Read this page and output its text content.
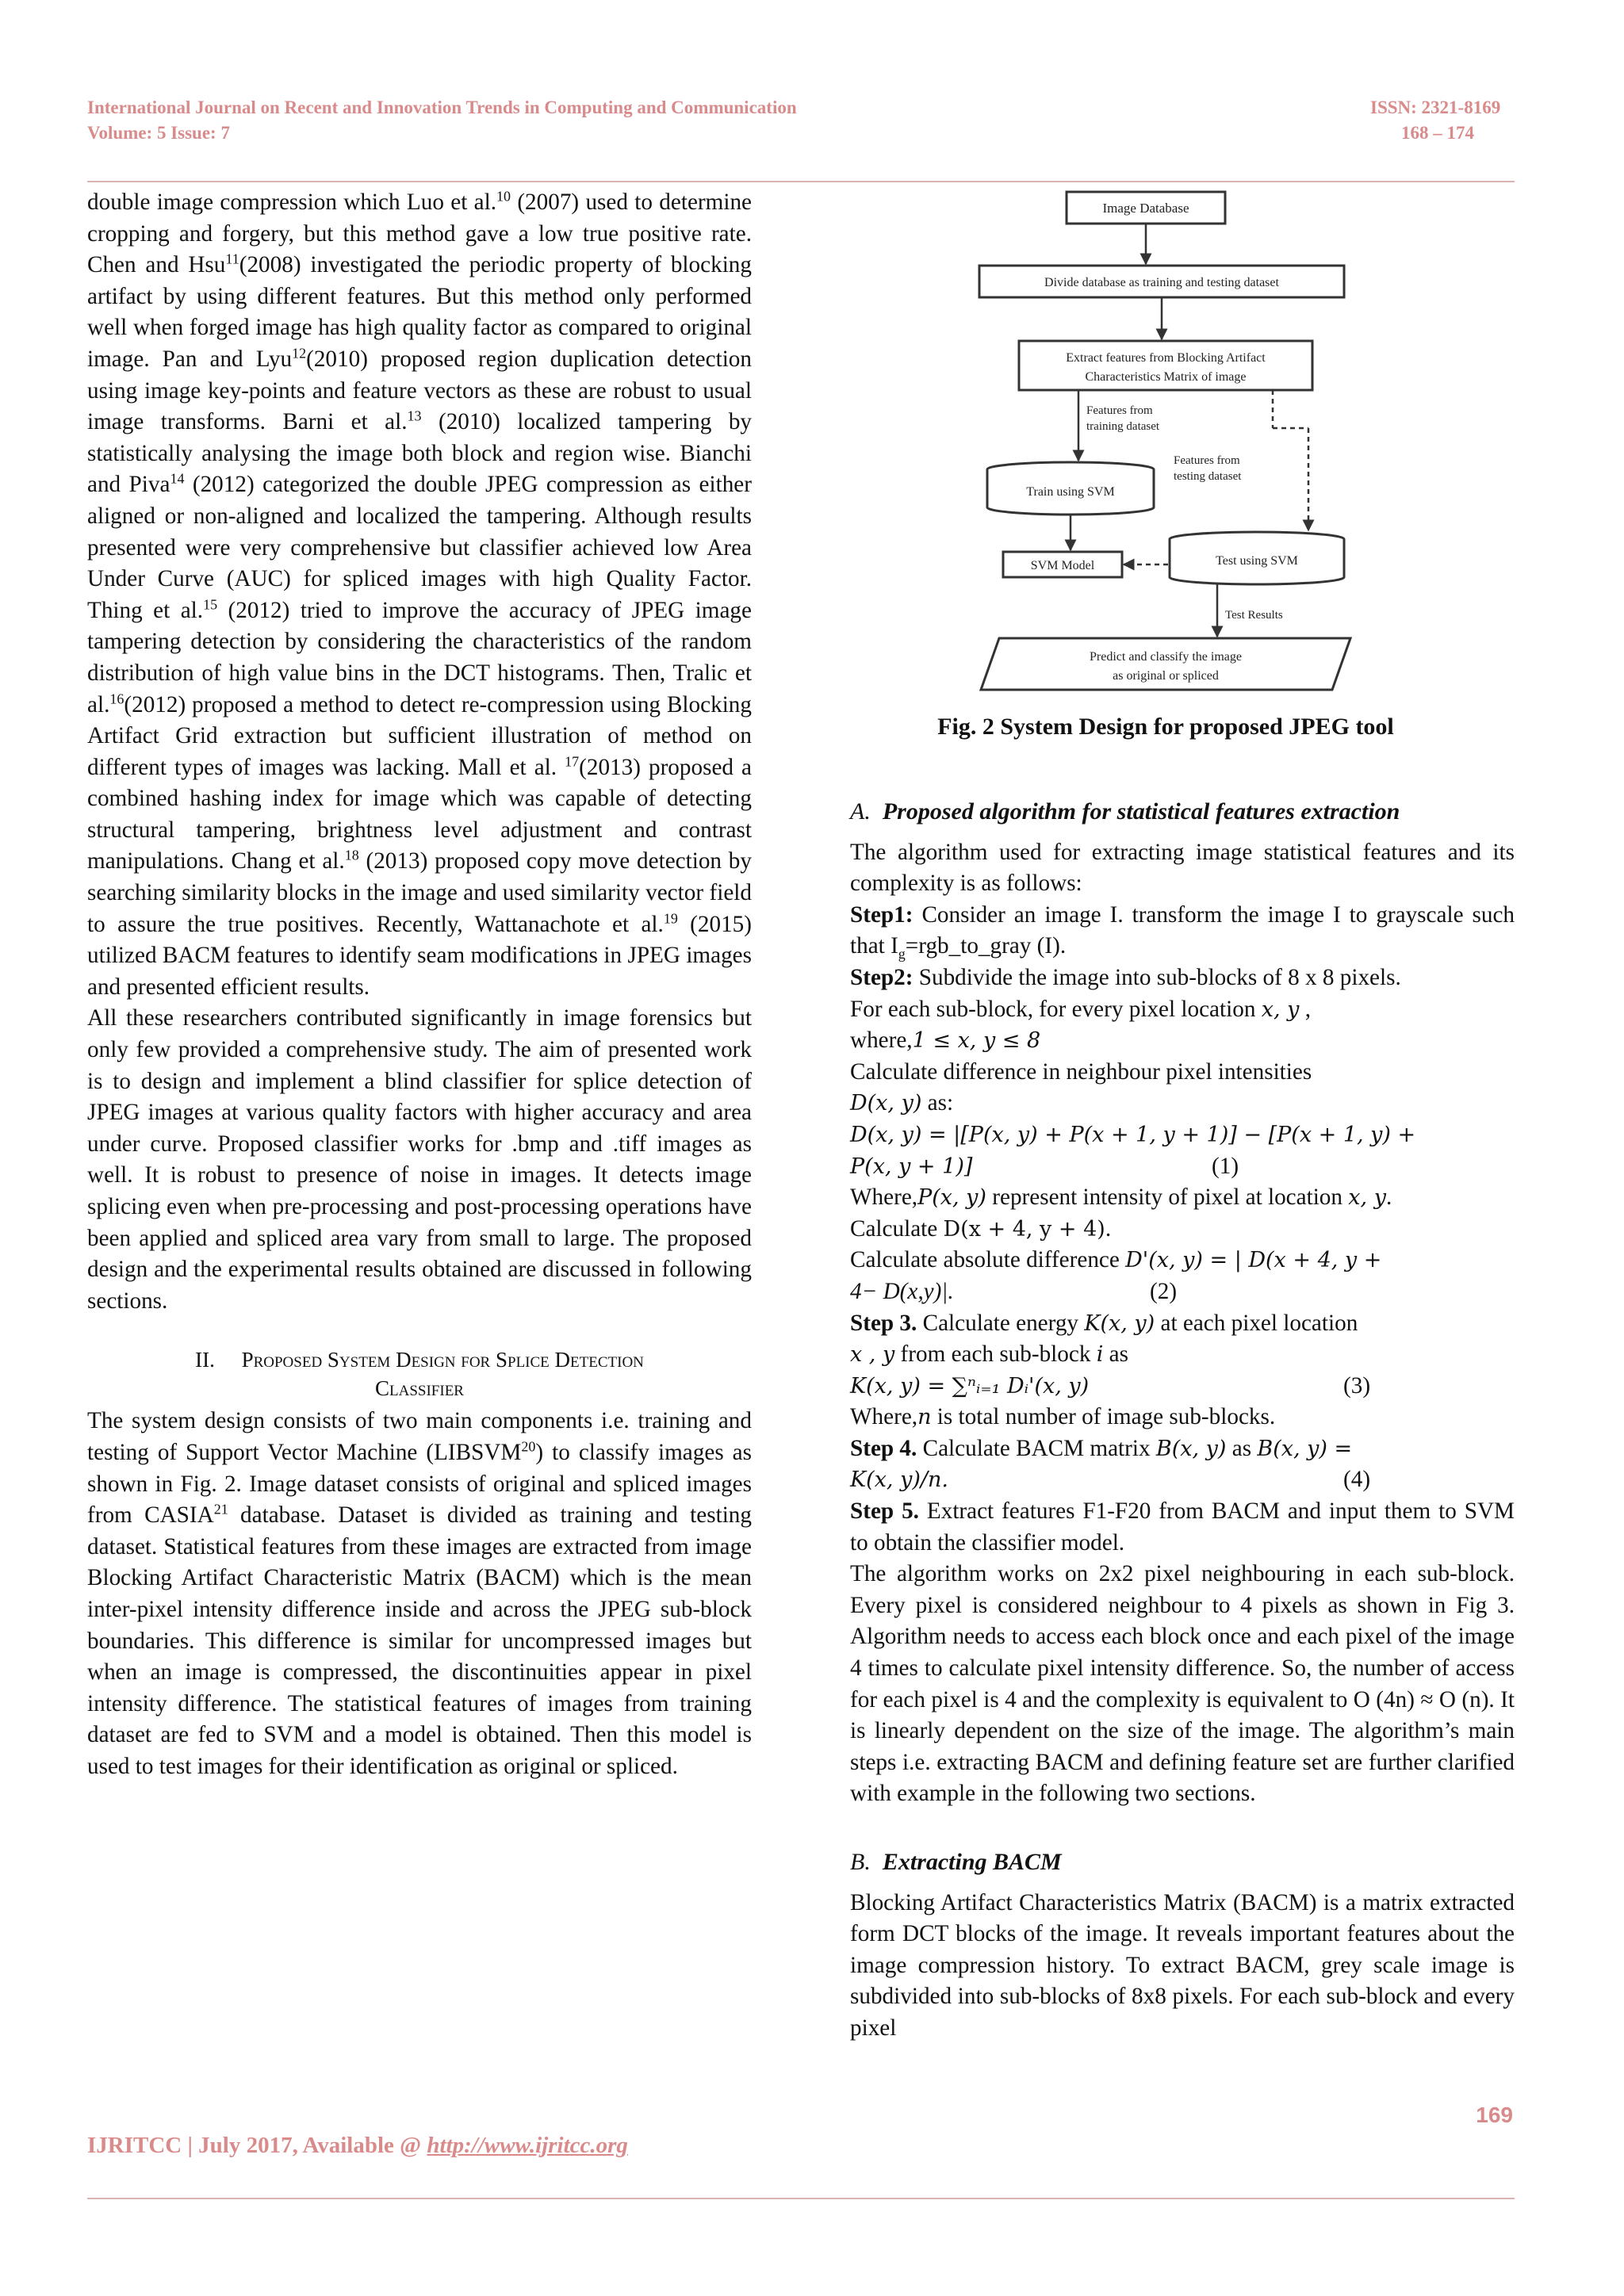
International Journal on Recent and Innovation Trends in Computing and Communication
Volume: 5 Issue: 7
ISSN: 2321-8169
168 – 174

double image compression which Luo et al.$^{10}$ (2007) used to determine cropping and forgery, but this method gave a low true positive rate. Chen and Hsu$^{11}$(2008) investigated the periodic property of blocking artifact by using different features. But this method only performed well when forged image has high quality factor as compared to original image. Pan and Lyu$^{12}$(2010) proposed region duplication detection using image key-points and feature vectors as these are robust to usual image transforms. Barni et al.$^{13}$ (2010) localized tampering by statistically analysing the image both block and region wise. Bianchi and Piva$^{14}$ (2012) categorized the double JPEG compression as either aligned or non-aligned and localized the tampering. Although results presented were very comprehensive but classifier achieved low Area Under Curve (AUC) for spliced images with high Quality Factor. Thing et al.$^{15}$ (2012) tried to improve the accuracy of JPEG image tampering detection by considering the characteristics of the random distribution of high value bins in the DCT histograms. Then, Tralic et al.$^{16}$(2012) proposed a method to detect re-compression using Blocking Artifact Grid extraction but sufficient illustration of method on different types of images was lacking. Mall et al. $^{17}$(2013) proposed a combined hashing index for image which was capable of detecting structural tampering, brightness level adjustment and contrast manipulations. Chang et al.$^{18}$ (2013) proposed copy move detection by searching similarity blocks in the image and used similarity vector field to assure the true positives. Recently, Wattanachote et al.$^{19}$ (2015) utilized BACM features to identify seam modifications in JPEG images and presented efficient results.

All these researchers contributed significantly in image forensics but only few provided a comprehensive study. The aim of presented work is to design and implement a blind classifier for splice detection of JPEG images at various quality factors with higher accuracy and area under curve. Proposed classifier works for .bmp and .tiff images as well. It is robust to presence of noise in images. It detects image splicing even when pre-processing and post-processing operations have been applied and spliced area vary from small to large. The proposed design and the experimental results obtained are discussed in following sections.

II. Proposed System Design for Splice Detection
Classifier

The system design consists of two main components i.e. training and testing of Support Vector Machine (LIBSVM$^{20}$) to classify images as shown in Fig. 2. Image dataset consists of original and spliced images from CASIA$^{21}$ database. Dataset is divided as training and testing dataset. Statistical features from these images are extracted from image Blocking Artifact Characteristic Matrix (BACM) which is the mean inter-pixel intensity difference inside and across the JPEG sub-block boundaries. This difference is similar for uncompressed images but when an image is compressed, the discontinuities appear in pixel intensity difference. The statistical features of images from training dataset are fed to SVM and a model is obtained. Then this model is used to test images for their identification as original or spliced.

Image Database
Divide database as training and testing dataset
Extract features from Blocking Artifact
Characteristics Matrix of image
Features from
training dataset
Train using SVM
Features from
testing dataset
SVM Model	Test using SVM
Test Results
Predict and classify the image
as original or spliced
Fig. 2 System Design for proposed JPEG tool

A. Proposed algorithm for statistical features extraction

The algorithm used for extracting image statistical features and its complexity is as follows:

Step1: Consider an image I. transform the image I to grayscale such that $I_g=rgb\_to\_gray$ (I).

Step2: Subdivide the image into sub-blocks of 8 x 8 pixels.

For each sub-block, for every pixel location x, y ,

where,1 ≤ x, y ≤ 8

Calculate difference in neighbour pixel intensities

D(x, y) as:

D(x, y) = |[P(x, y) + P(x + 1, y + 1)] − [P(x + 1, y) +

P(x, y + 1)]	(1)

Where,P(x, y) represent intensity of pixel at location x, y.

Calculate D(x + 4, y + 4).

Calculate absolute difference D'(x, y) = | D(x + 4, y +

4− D(x,y)|.	(2)

Step 3. Calculate energy K(x, y) at each pixel location

x , y from each sub-block i as

K(x, y) = ∑ⁿᵢ₌₁ Dᵢ'(x, y)	(3)

Where,n is total number of image sub-blocks.

Step 4. Calculate BACM matrix B(x, y) as B(x, y) =

K(x, y)/n.	(4)

Step 5. Extract features F1-F20 from BACM and input them to SVM to obtain the classifier model.

The algorithm works on 2x2 pixel neighbouring in each sub-block. Every pixel is considered neighbour to 4 pixels as shown in Fig 3. Algorithm needs to access each block once and each pixel of the image 4 times to calculate pixel intensity difference. So, the number of access for each pixel is 4 and the complexity is equivalent to O (4n) ≈ O (n). It is linearly dependent on the size of the image. The algorithm’s main steps i.e. extracting BACM and defining feature set are further clarified with example in the following two sections.

B. Extracting BACM

Blocking Artifact Characteristics Matrix (BACM) is a matrix extracted form DCT blocks of the image. It reveals important features about the image compression history. To extract BACM, grey scale image is subdivided into sub-blocks of 8x8 pixels. For each sub-block and every pixel

169
IJRITCC | July 2017, Available @ http://www.ijritcc.org
